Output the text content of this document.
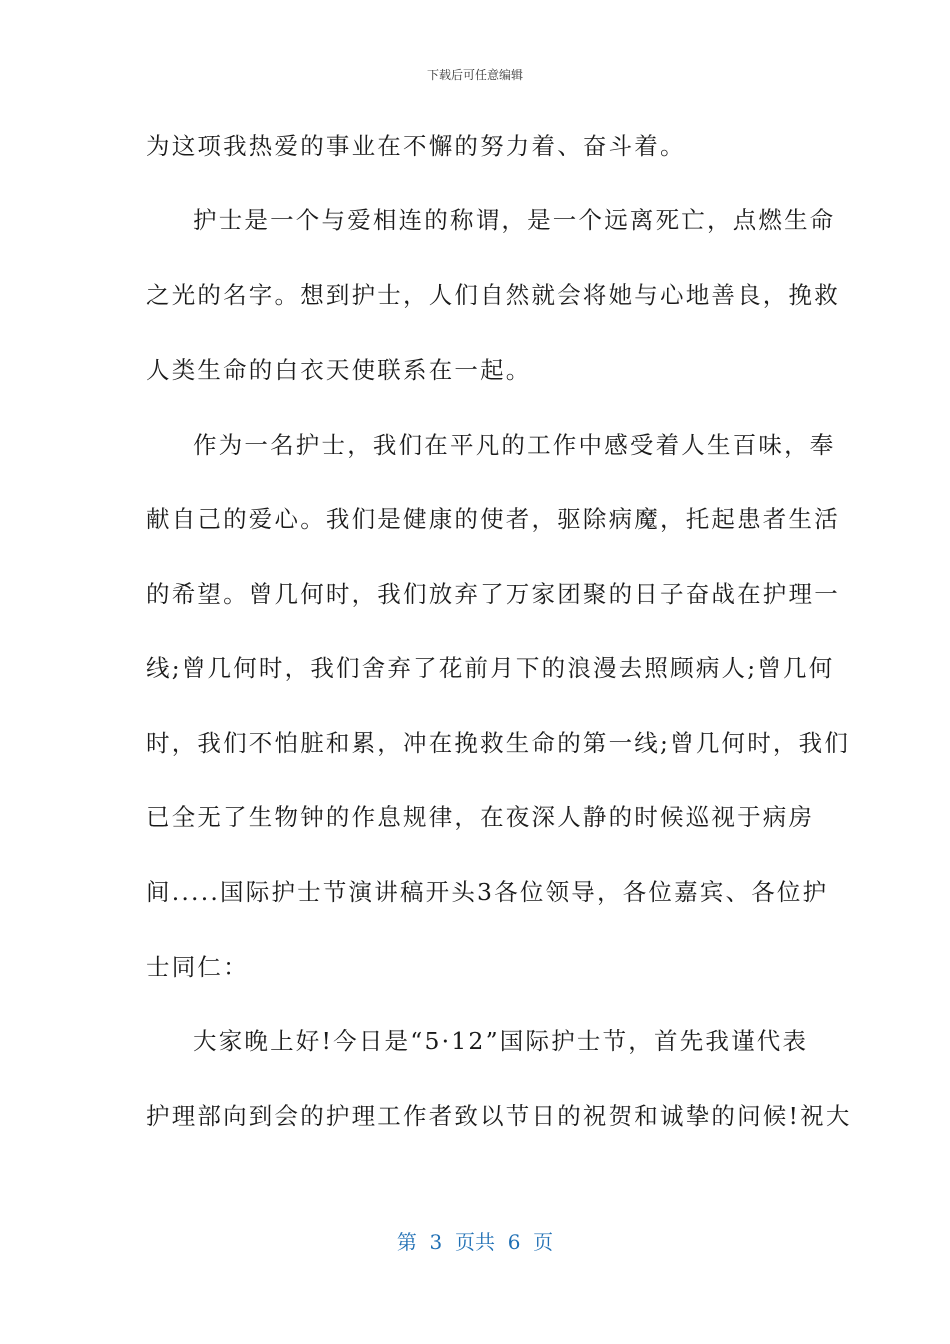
下载后可任意编辑
为这项我热爱的事业在不懈的努力着、奋斗着。
护士是一个与爱相连的称谓，是一个远离死亡，点燃生命
之光的名字。想到护士，人们自然就会将她与心地善良，挽救
人类生命的白衣天使联系在一起。
作为一名护士，我们在平凡的工作中感受着人生百味，奉
献自己的爱心。我们是健康的使者，驱除病魔，托起患者生活
的希望。曾几何时，我们放弃了万家团聚的日子奋战在护理一
线;曾几何时，我们舍弃了花前月下的浪漫去照顾病人;曾几何
时，我们不怕脏和累，冲在挽救生命的第一线;曾几何时，我们
已全无了生物钟的作息规律，在夜深人静的时候巡视于病房
间.....国际护士节演讲稿开头3各位领导，各位嘉宾、各位护
士同仁：
大家晚上好!今日是“5·12”国际护士节，首先我谨代表
护理部向到会的护理工作者致以节日的祝贺和诚挚的问候!祝大
第 3 页共 6 页
